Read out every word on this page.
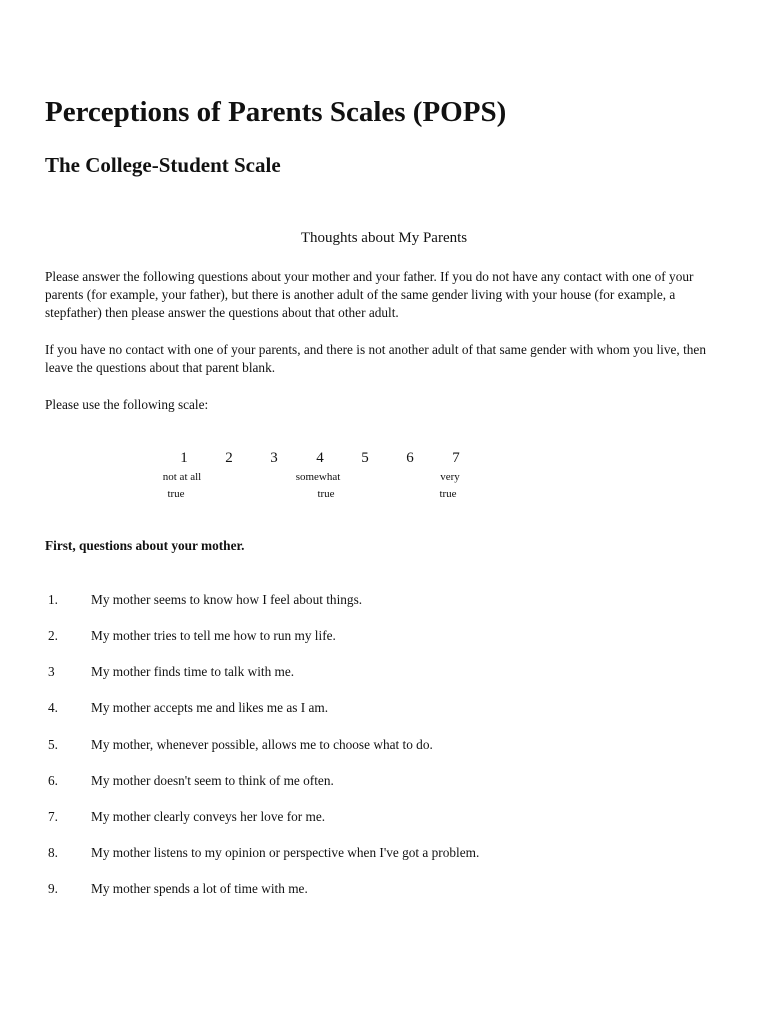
Perceptions of Parents Scales (POPS)
The College-Student Scale
Thoughts about My Parents

Please answer the following questions about your mother and your father. If you do not have any contact with one of your parents (for example, your father), but there is another adult of the same gender living with your house (for example, a stepfather) then please answer the questions about that other adult.

If you have no contact with one of your parents, and there is not another adult of that same gender with whom you live, then leave the questions about that parent blank.

Please use the following scale:

1	2	3	4	5	6	7
not at all
true
somewhat
true
very
true

First, questions about your mother.

1. My mother seems to know how I feel about things.
2. My mother tries to tell me how to run my life.
3	My mother finds time to talk with me.
4. My mother accepts me and likes me as I am.
5. My mother, whenever possible, allows me to choose what to do.
6. My mother doesn't seem to think of me often.
7. My mother clearly conveys her love for me.
8. My mother listens to my opinion or perspective when I've got a problem.
9. My mother spends a lot of time with me.
